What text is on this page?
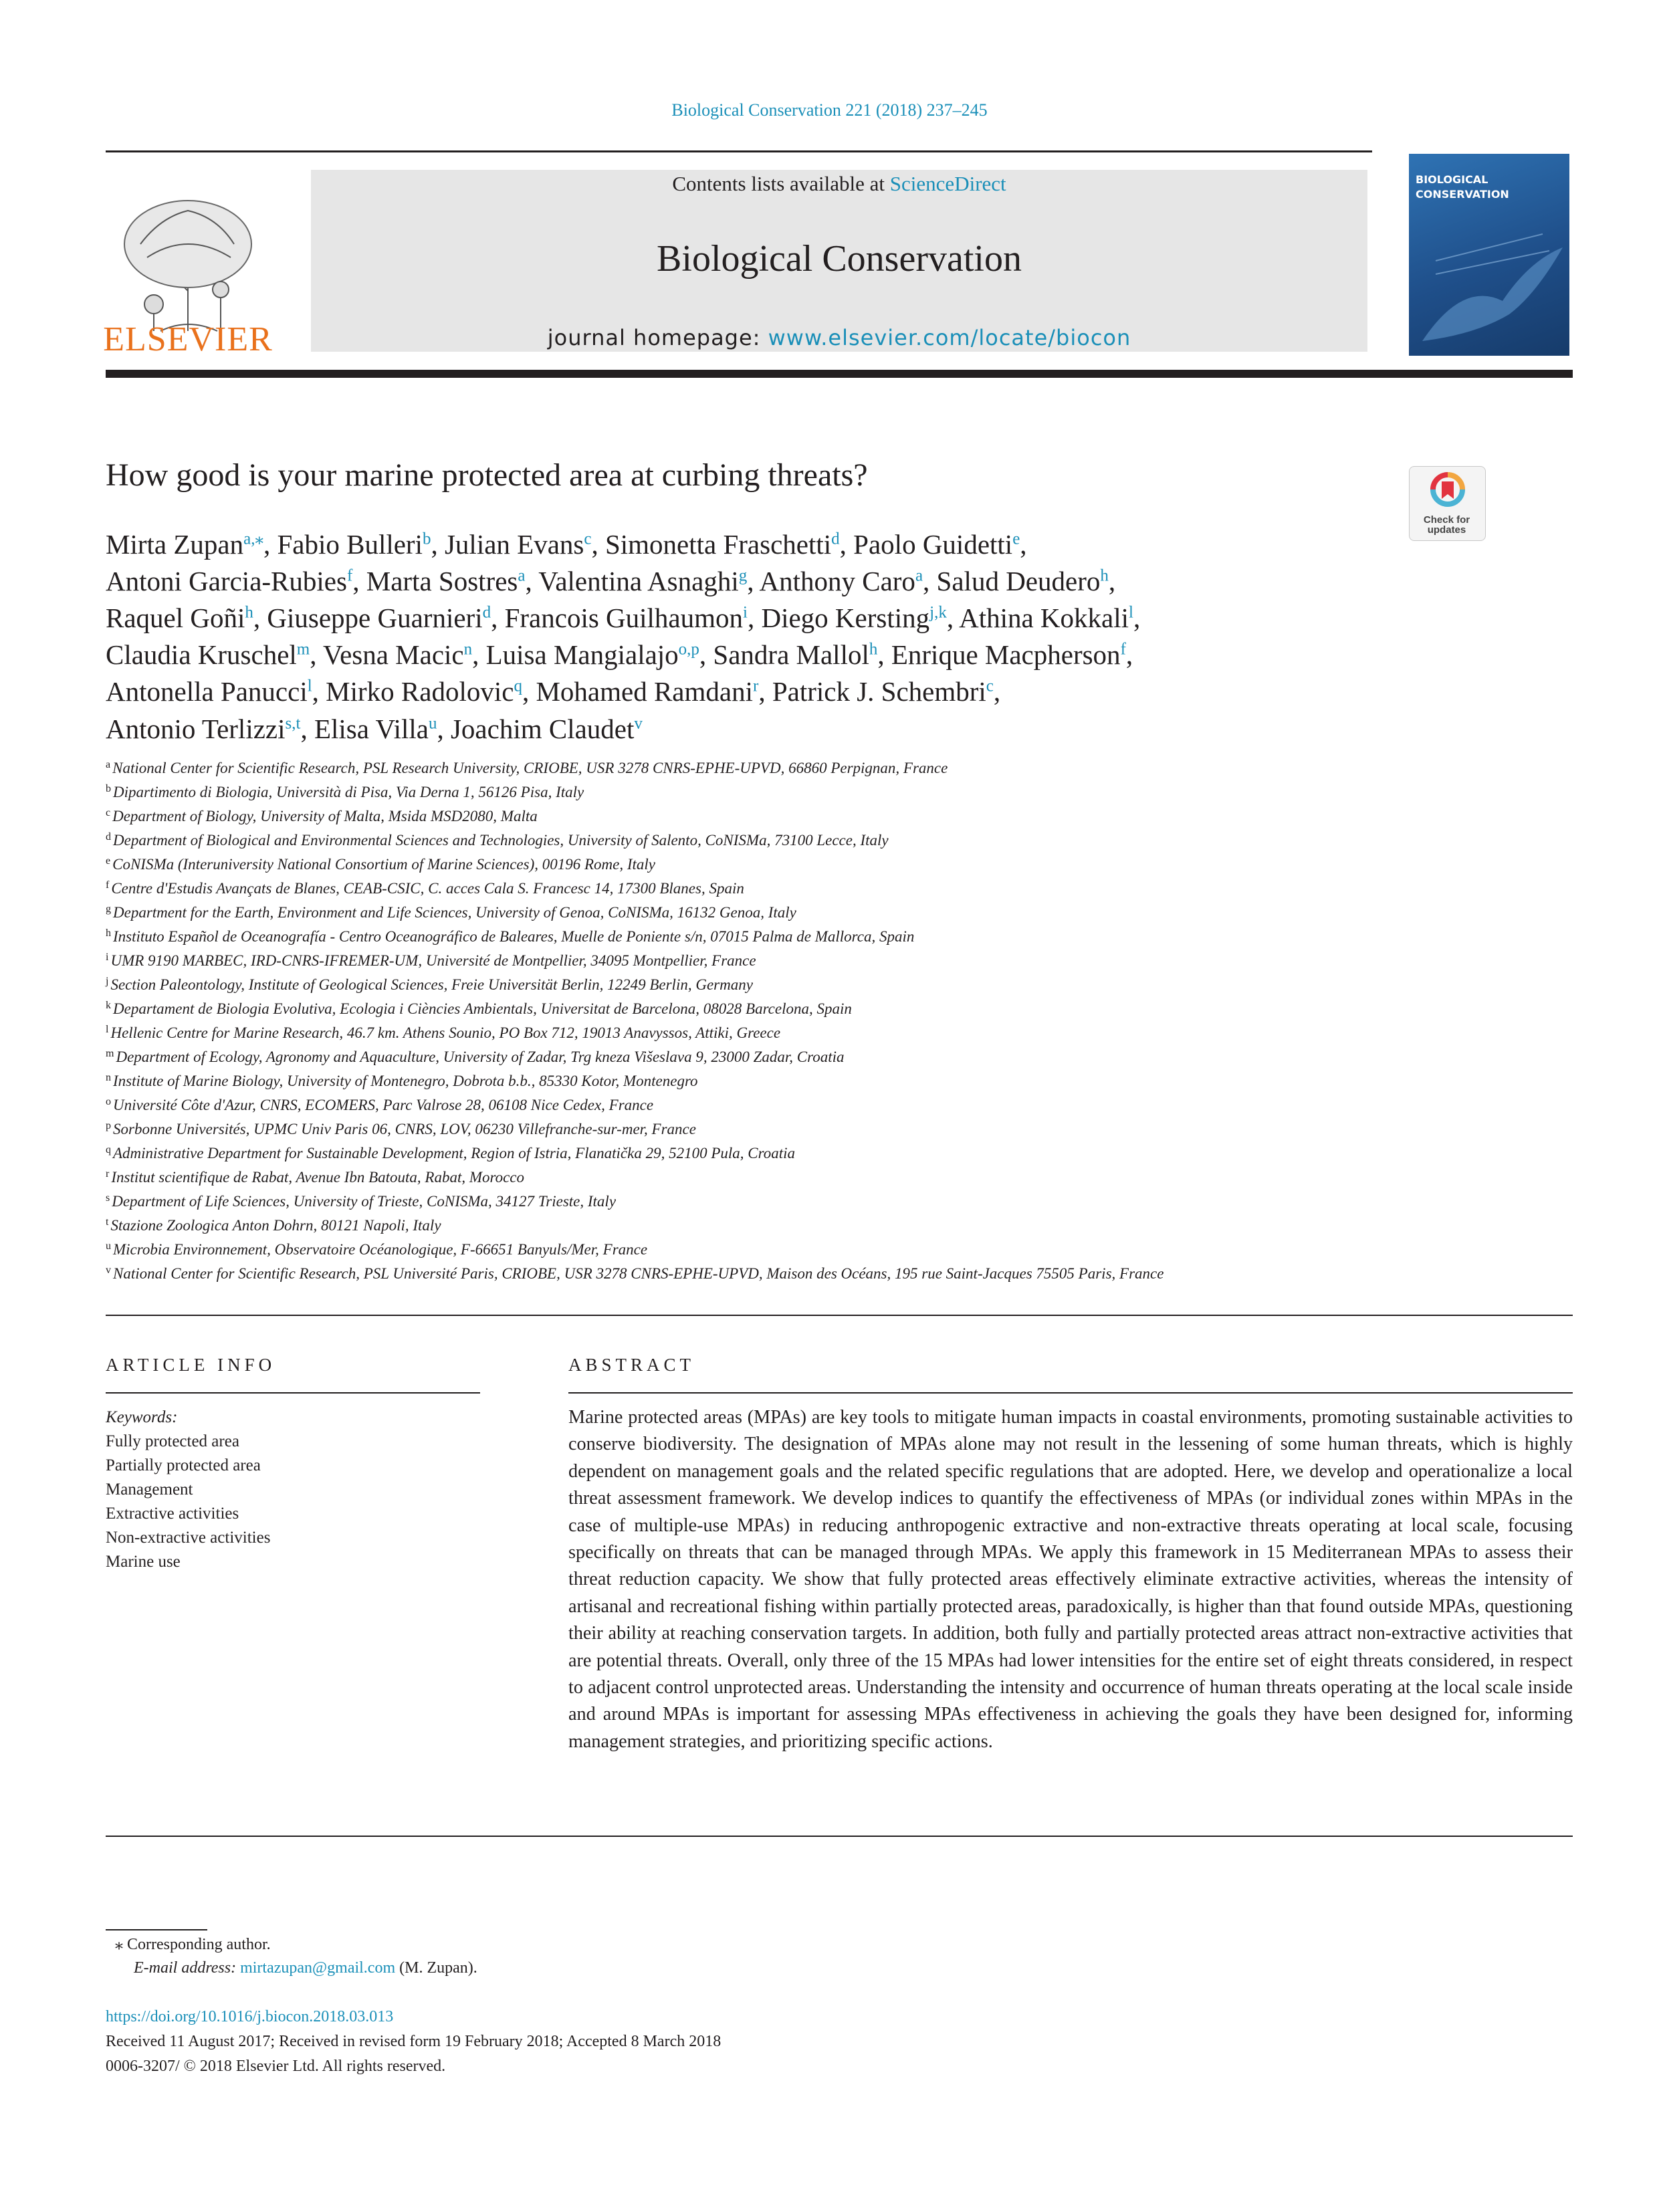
Biological Conservation 221 (2018) 237–245
ELSEVIER
Contents lists available at ScienceDirect
Biological Conservation
journal homepage: www.elsevier.com/locate/biocon
BIOLOGICAL
CONSERVATION
How good is your marine protected area at curbing threats?
Check for updates
Mirta Zupan$^{a,⁎}$, Fabio Bulleri$^b$, Julian Evans$^c$, Simonetta Fraschetti$^d$, Paolo Guidetti$^e$,
Antoni Garcia-Rubies$^f$, Marta Sostres$^a$, Valentina Asnaghi$^g$, Anthony Caro$^a$, Salud Deudero$^h$,
Raquel Goñi$^h$, Giuseppe Guarnieri$^d$, Francois Guilhaumon$^i$, Diego Kersting$^{j,k}$, Athina Kokkali$^l$,
Claudia Kruschel$^m$, Vesna Macic$^n$, Luisa Mangialajo$^{o,p}$, Sandra Mallol$^h$, Enrique Macpherson$^f$,
Antonella Panucci$^l$, Mirko Radolovic$^q$, Mohamed Ramdani$^r$, Patrick J. Schembri$^c$,
Antonio Terlizzi$^{s,t}$, Elisa Villa$^u$, Joachim Claudet$^v$
$^a$ National Center for Scientific Research, PSL Research University, CRIOBE, USR 3278 CNRS-EPHE-UPVD, 66860 Perpignan, France
$^b$ Dipartimento di Biologia, Università di Pisa, Via Derna 1, 56126 Pisa, Italy
$^c$ Department of Biology, University of Malta, Msida MSD2080, Malta
$^d$ Department of Biological and Environmental Sciences and Technologies, University of Salento, CoNISMa, 73100 Lecce, Italy
$^e$ CoNISMa (Interuniversity National Consortium of Marine Sciences), 00196 Rome, Italy
$^f$ Centre d'Estudis Avançats de Blanes, CEAB-CSIC, C. acces Cala S. Francesc 14, 17300 Blanes, Spain
$^g$ Department for the Earth, Environment and Life Sciences, University of Genoa, CoNISMa, 16132 Genoa, Italy
$^h$ Instituto Español de Oceanografía - Centro Oceanográfico de Baleares, Muelle de Poniente s/n, 07015 Palma de Mallorca, Spain
$^i$ UMR 9190 MARBEC, IRD-CNRS-IFREMER-UM, Université de Montpellier, 34095 Montpellier, France
$^j$ Section Paleontology, Institute of Geological Sciences, Freie Universität Berlin, 12249 Berlin, Germany
$^k$ Departament de Biologia Evolutiva, Ecologia i Ciències Ambientals, Universitat de Barcelona, 08028 Barcelona, Spain
$^l$ Hellenic Centre for Marine Research, 46.7 km. Athens Sounio, PO Box 712, 19013 Anavyssos, Attiki, Greece
$^m$ Department of Ecology, Agronomy and Aquaculture, University of Zadar, Trg kneza Višeslava 9, 23000 Zadar, Croatia
$^n$ Institute of Marine Biology, University of Montenegro, Dobrota b.b., 85330 Kotor, Montenegro
$^o$ Université Côte d'Azur, CNRS, ECOMERS, Parc Valrose 28, 06108 Nice Cedex, France
$^p$ Sorbonne Universités, UPMC Univ Paris 06, CNRS, LOV, 06230 Villefranche-sur-mer, France
$^q$ Administrative Department for Sustainable Development, Region of Istria, Flanatička 29, 52100 Pula, Croatia
$^r$ Institut scientifique de Rabat, Avenue Ibn Batouta, Rabat, Morocco
$^s$ Department of Life Sciences, University of Trieste, CoNISMa, 34127 Trieste, Italy
$^t$ Stazione Zoologica Anton Dohrn, 80121 Napoli, Italy
$^u$ Microbia Environnement, Observatoire Océanologique, F-66651 Banyuls/Mer, France
$^v$ National Center for Scientific Research, PSL Université Paris, CRIOBE, USR 3278 CNRS-EPHE-UPVD, Maison des Océans, 195 rue Saint-Jacques 75505 Paris, France
ARTICLE INFO
Keywords:
Fully protected area
Partially protected area
Management
Extractive activities
Non-extractive activities
Marine use
ABSTRACT
Marine protected areas (MPAs) are key tools to mitigate human impacts in coastal environments, promoting sustainable activities to conserve biodiversity. The designation of MPAs alone may not result in the lessening of some human threats, which is highly dependent on management goals and the related specific regulations that are adopted. Here, we develop and operationalize a local threat assessment framework. We develop indices to quantify the effectiveness of MPAs (or individual zones within MPAs in the case of multiple-use MPAs) in reducing anthropogenic extractive and non-extractive threats operating at local scale, focusing specifically on threats that can be managed through MPAs. We apply this framework in 15 Mediterranean MPAs to assess their threat reduction capacity. We show that fully protected areas effectively eliminate extractive activities, whereas the intensity of artisanal and recreational fishing within partially protected areas, paradoxically, is higher than that found outside MPAs, questioning their ability at reaching conservation targets. In addition, both fully and partially protected areas attract non-extractive activities that are potential threats. Overall, only three of the 15 MPAs had lower intensities for the entire set of eight threats considered, in respect to adjacent control unprotected areas. Understanding the intensity and occurrence of human threats operating at the local scale inside and around MPAs is important for assessing MPAs effectiveness in achieving the goals they have been designed for, informing management strategies, and prioritizing specific actions.
⁎ Corresponding author.
E-mail address: mirtazupan@gmail.com (M. Zupan).
https://doi.org/10.1016/j.biocon.2018.03.013
Received 11 August 2017; Received in revised form 19 February 2018; Accepted 8 March 2018
0006-3207/ © 2018 Elsevier Ltd. All rights reserved.
